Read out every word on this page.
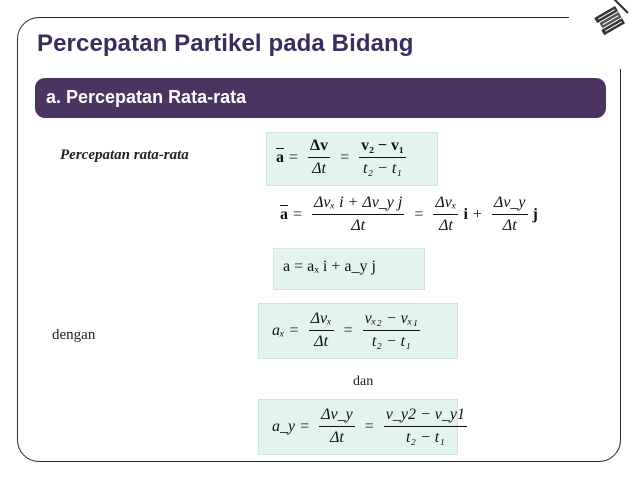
Percepatan Partikel pada Bidang
a. Percepatan Rata-rata
Percepatan rata-rata
dengan
dan
$\overline{a} = \frac{\Delta v}{\Delta t} = \frac{\text{v₂ − v₁}}{\text{t₂ − t₁}}$
$\overline{a} = \frac{\text{Δvₓ i + Δv\_y j}}{\Delta t} = \frac{\text{Δvₓ}}{\Delta t}$ $i + \frac{\Delta v\_y}{\Delta t}$ j
a = aₓ i + a_y j
$a_x = \frac{\text{Δvₓ}}{\Delta t} = \frac{\text{vₓ₂ − vₓ₁}}{\text{t₂ − t₁}}$
a_y = $\frac{\Delta v\_y}{\Delta t} = \frac{v\_y2 - v\_y1}{\text{t₂ − t₁}}$
